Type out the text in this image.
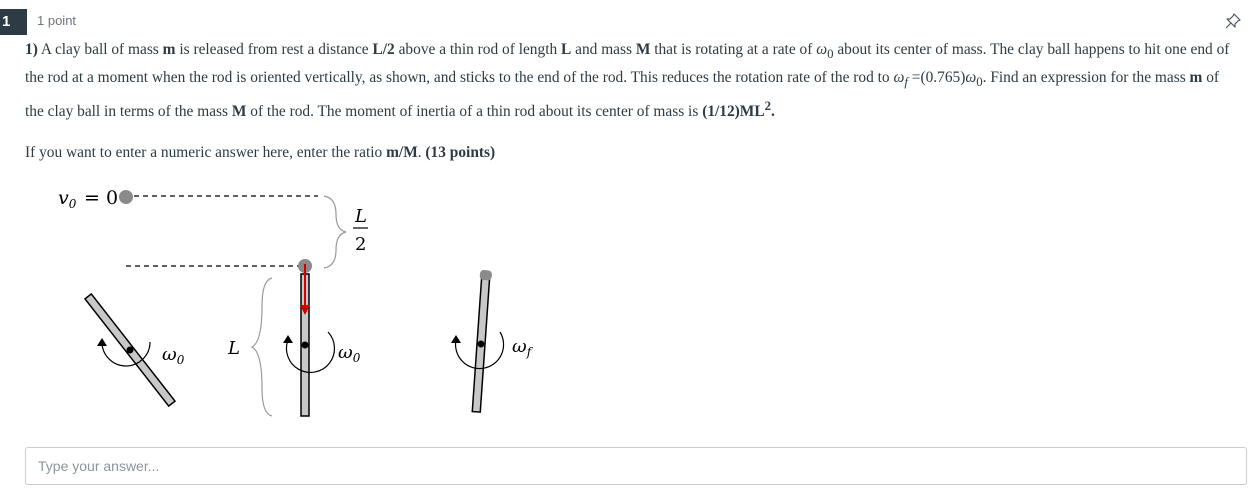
1	1 point

1) A clay ball of mass m is released from rest a distance L/2 above a thin rod of length L and mass M that is rotating at a rate of $\omega_0$ about its center of mass. The clay ball happens to hit one end of the rod at a moment when the rod is oriented vertically, as shown, and sticks to the end of the rod. This reduces the rotation rate of the rod to $\omega_f =(0.765)\omega_0$. Find an expression for the mass m of the clay ball in terms of the mass M of the rod. The moment of inertia of a thin rod about its center of mass is $(1/12)ML^2$.

If you want to enter a numeric answer here, enter the ratio m/M. (13 points)

$v_0 = 0$
L
2
$\omega_0$
L	$\omega_0$
$\omega_f$
Type your answer...
